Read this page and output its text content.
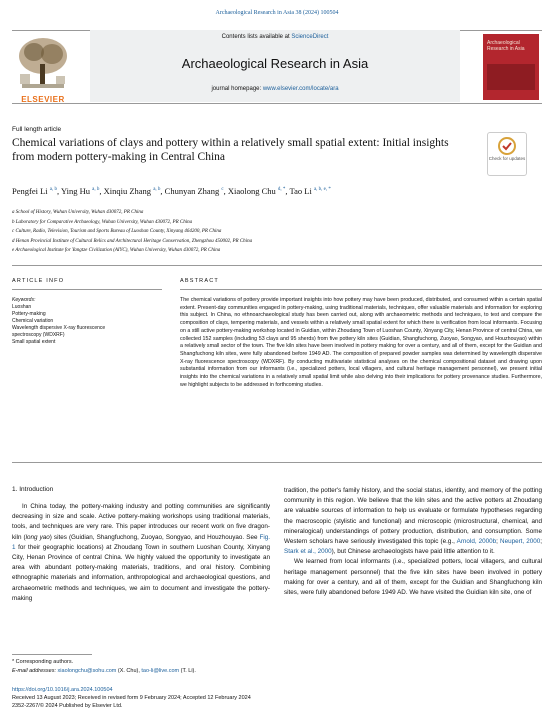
Archaeological Research in Asia 38 (2024) 100504
ELSEVIER
Contents lists available at ScienceDirect
Archaeological Research in Asia
journal homepage: www.elsevier.com/locate/ara
Archaeological Research in Asia
Full length article
Chemical variations of clays and pottery within a relatively small spatial extent: Initial insights from modern pottery-making in Central China	Check for updates
Pengfei Li $^{a, b}$, Ying Hu $^{a, b}$, Xinqiu Zhang $^{a, b}$, Chunyan Zhang $^c$, Xiaolong Chu $^{d, *}$, Tao Li $^{a, b, e, *}$
a School of History, Wuhan University, Wuhan 430072, PR China
b Laboratory for Comparative Archaeology, Wuhan University, Wuhan 430072, PR China
c Culture, Radio, Television, Tourism and Sports Bureau of Luoshan County, Xinyang 464200, PR China
d Henan Provincial Institute of Cultural Relics and Architectural Heritage Conservation, Zhengzhou 450002, PR China
e Archaeological Institute for Yangtze Civilization (AIYC), Wuhan University, Wuhan 430072, PR China
ARTICLE INFO	ABSTRACT
Keywords:
Luoshan
Pottery-making
Chemical variation
Wavelength dispersive X-ray fluorescence
spectroscopy (WDXRF)
Small spatial extent
The chemical variations of pottery provide important insights into how pottery may have been produced, distributed, and consumed within a certain spatial extent. Present-day communities engaged in pottery-making, using traditional materials, techniques, offer valuable materials and information for exploring this subject. In China, no ethnoarchaeological study has been carried out, along with archaeometric methods and techniques, to test and compare the composition of clays, tempering materials, and vessels within a relatively small spatial extent for which there is verification from local informants. Focusing on a still active pottery-making workshop located in Guidian, within Zhoudang Town of Luoshan County, Xinyang City, Henan Province of central China, we collected 152 samples (including 53 clays and 95 sherds) from five pottery kiln sites (Guidian, Shangfuchong, Zuoyao, Songyao, and Houzhouyao) within a relatively small sector of the town. The five kiln sites have been involved in pottery making for over a century, and all of them, except for the Guidian and Shangfuchong kiln sites, were fully abandoned before 1949 AD. The composition of prepared powder samples was determined by wavelength dispersive X-ray fluorescence spectroscopy (WDXRF). By conducting multivariate statistical analyses on the chemical compositional dataset and drawing upon substantial information from our informants (i.e., specialized potters, local villagers, and cultural heritage management personnel), we present initial insights into the chemical variations in a relatively small spatial limit while also delving into their implications for pottery provenance studies. Furthermore, we highlight subjects to be addressed in forthcoming studies.
1. Introduction

In China today, the pottery-making industry and potting communities are significantly decreasing in size and scale. Active pottery-making workshops using traditional materials, tools, and techniques are very rare. This paper introduces our recent work on five dragon-kiln (long yao) sites (Guidian, Shangfuchong, Zuoyao, Songyao, and Houzhouyao. See Fig. 1 for their geographic locations) at Zhoudang Town in southern Luoshan County, Xinyang City, Henan Province of central China. We highly valued the opportunity to investigate an area with abundant pottery-making materials, traditions, and oral history. Combining ethnographic materials and information, anthropological and archaeological questions, and archaeometric methods and techniques, we aim to document and investigate the pottery-making

tradition, the potter's family history, and the social status, identity, and memory of the potting community in this region. We believe that the kiln sites and the active potters at Zhoudang are valuable sources of information to help us evaluate or formulate hypotheses regarding the macroscopic (stylistic and functional) and microscopic (microstructural, chemical, and mineralogical) understandings of pottery production, distribution, and consumption. Some Western scholars have seriously investigated this topic (e.g., Arnold, 2000b; Neupert, 2000; Stark et al., 2000), but Chinese archaeologists have paid little attention to it.

We learned from local informants (i.e., specialized potters, local villagers, and cultural heritage management personnel) that the five kiln sites have been involved in pottery making for over a century, and all of them, except for the Guidian and Shangfuchong kiln sites, were fully abandoned before 1949 AD. We have visited the Guidian kiln site, one of

* Corresponding authors.
E-mail addresses: xiaolongchu@sohu.com (X. Chu), tao-li@live.com (T. Li).
https://doi.org/10.1016/j.ara.2024.100504
Received 13 August 2023; Received in revised form 9 February 2024; Accepted 12 February 2024
2352-2267/© 2024 Published by Elsevier Ltd.
